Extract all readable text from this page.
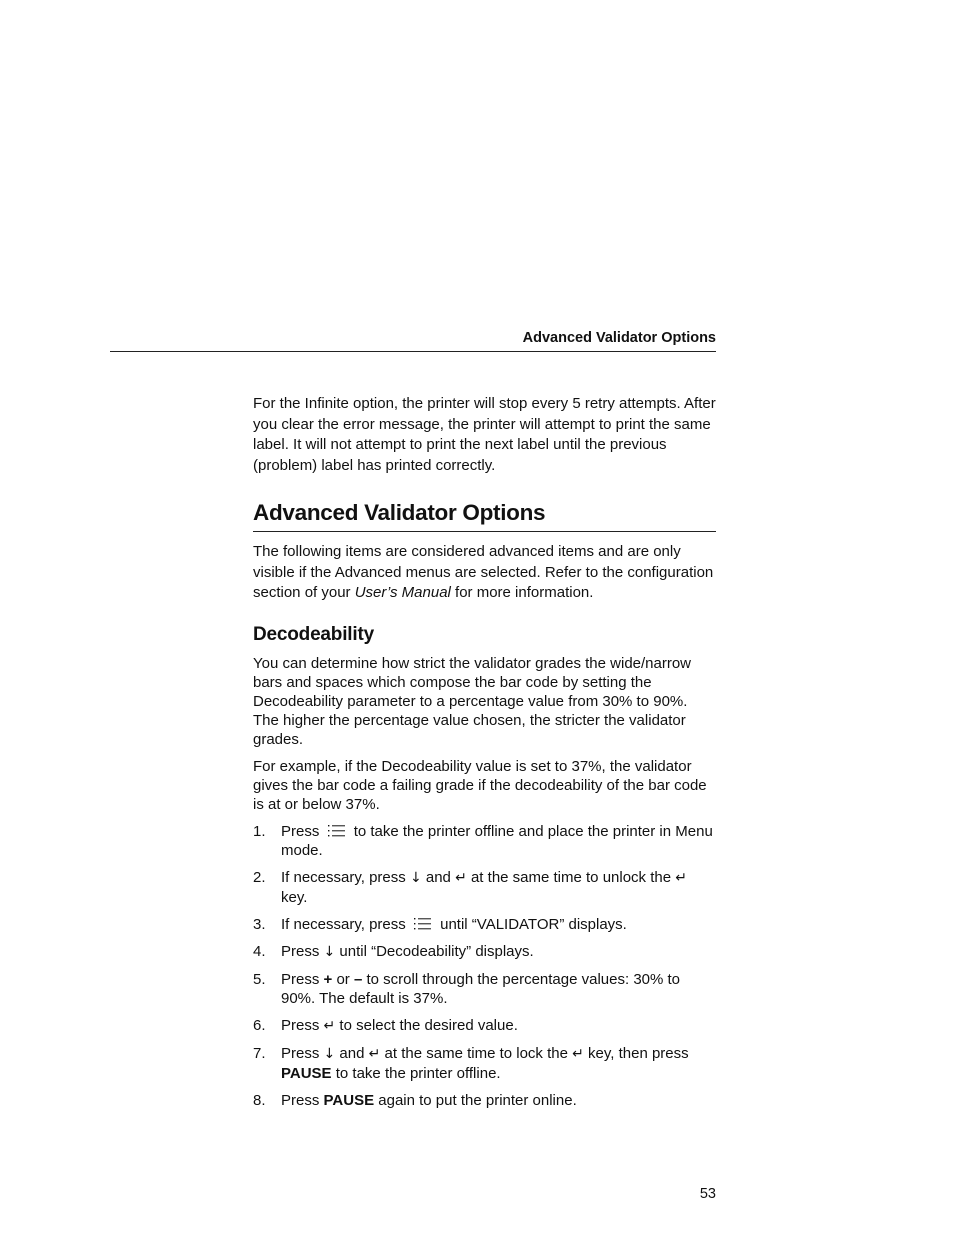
Advanced Validator Options

For the Infinite option, the printer will stop every 5 retry attempts. After you clear the error message, the printer will attempt to print the same label. It will not attempt to print the next label until the previous (problem) label has printed correctly.

Advanced Validator Options

The following items are considered advanced items and are only visible if the Advanced menus are selected. Refer to the configuration section of your User’s Manual for more information.

Decodeability

You can determine how strict the validator grades the wide/narrow bars and spaces which compose the bar code by setting the Decodeability parameter to a percentage value from 30% to 90%. The higher the percentage value chosen, the stricter the validator grades.

For example, if the Decodeability value is set to 37%, the validator gives the bar code a failing grade if the decodeability of the bar code is at or below 37%.

1. Press to take the printer offline and place the printer in Menu mode.
2. If necessary, press ↓ and ↵ at the same time to unlock the ↵ key.
3. If necessary, press until “VALIDATOR” displays.
4. Press ↓ until “Decodeability” displays.
5. Press + or – to scroll through the percentage values: 30% to 90%. The default is 37%.
6. Press ↵ to select the desired value.
7. Press ↓ and ↵ at the same time to lock the ↵ key, then press PAUSE to take the printer offline.
8. Press PAUSE again to put the printer online.
53
